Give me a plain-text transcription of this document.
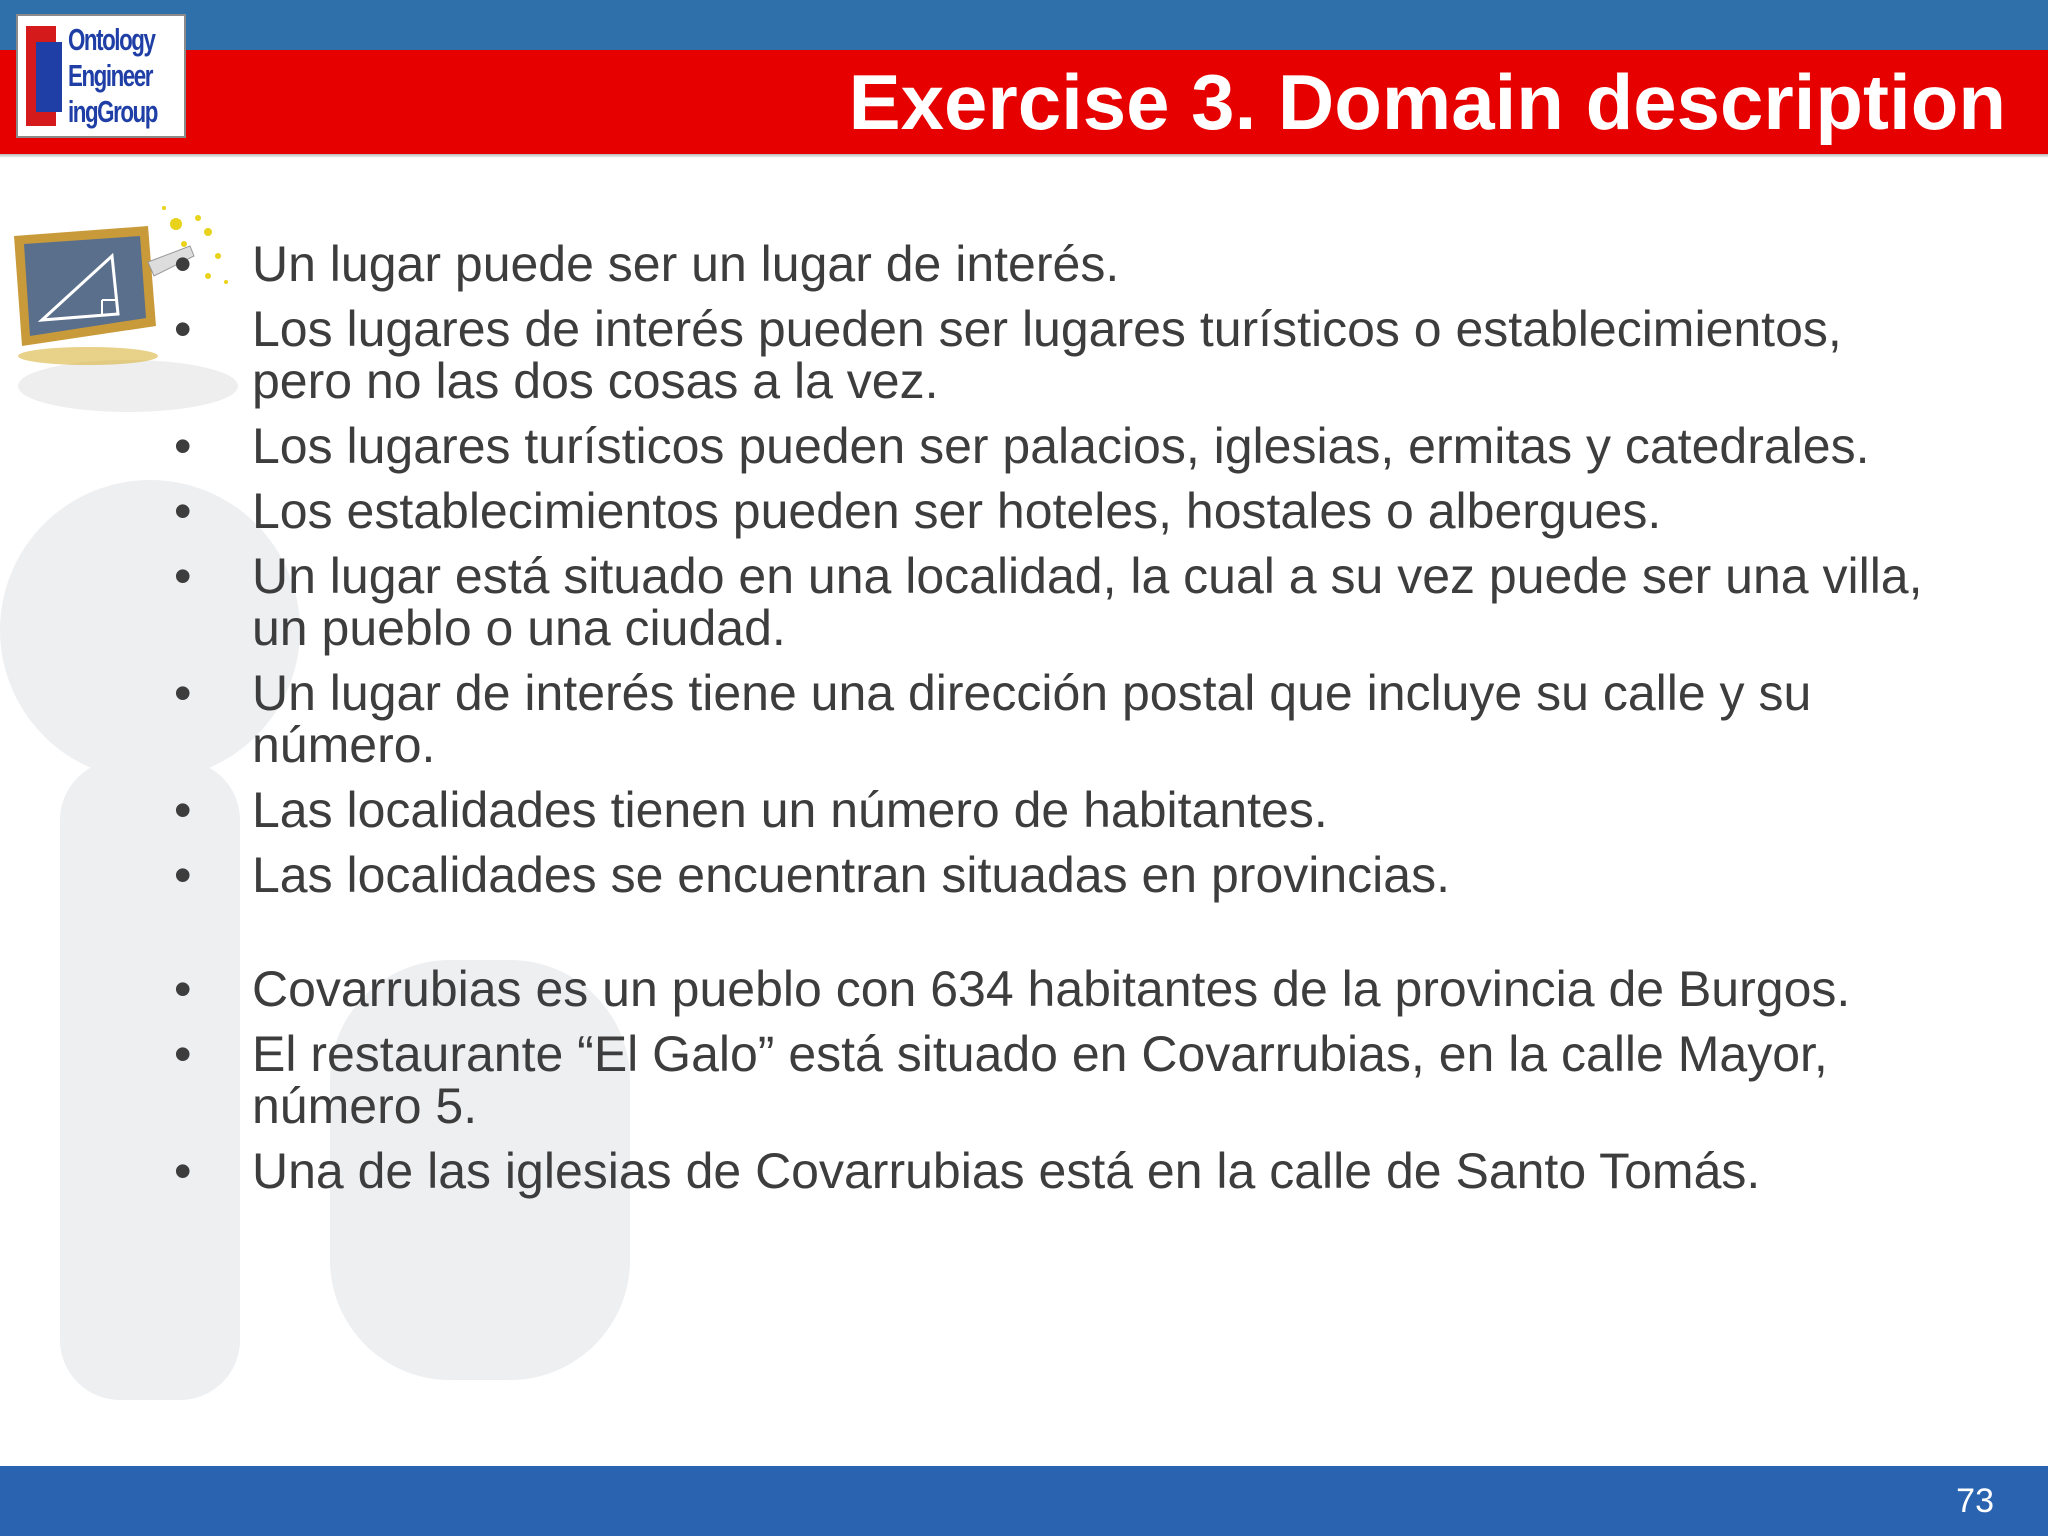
Ontology
Engineer
ingGroup	Exercise 3. Domain description
• Un lugar puede ser un lugar de interés.
• Los lugares de interés pueden ser lugares turísticos o establecimientos, pero no las dos cosas a la vez.
• Los lugares turísticos pueden ser palacios, iglesias, ermitas y catedrales.
• Los establecimientos pueden ser hoteles, hostales o albergues.
• Un lugar está situado en una localidad, la cual a su vez puede ser una villa, un pueblo o una ciudad.
• Un lugar de interés tiene una dirección postal que incluye su calle y su número.
• Las localidades tienen un número de habitantes.
• Las localidades se encuentran situadas en provincias.
• Covarrubias es un pueblo con 634 habitantes de la provincia de Burgos.
• El restaurante “El Galo” está situado en Covarrubias, en la calle Mayor, número 5.
• Una de las iglesias de Covarrubias está en la calle de Santo Tomás.
73
